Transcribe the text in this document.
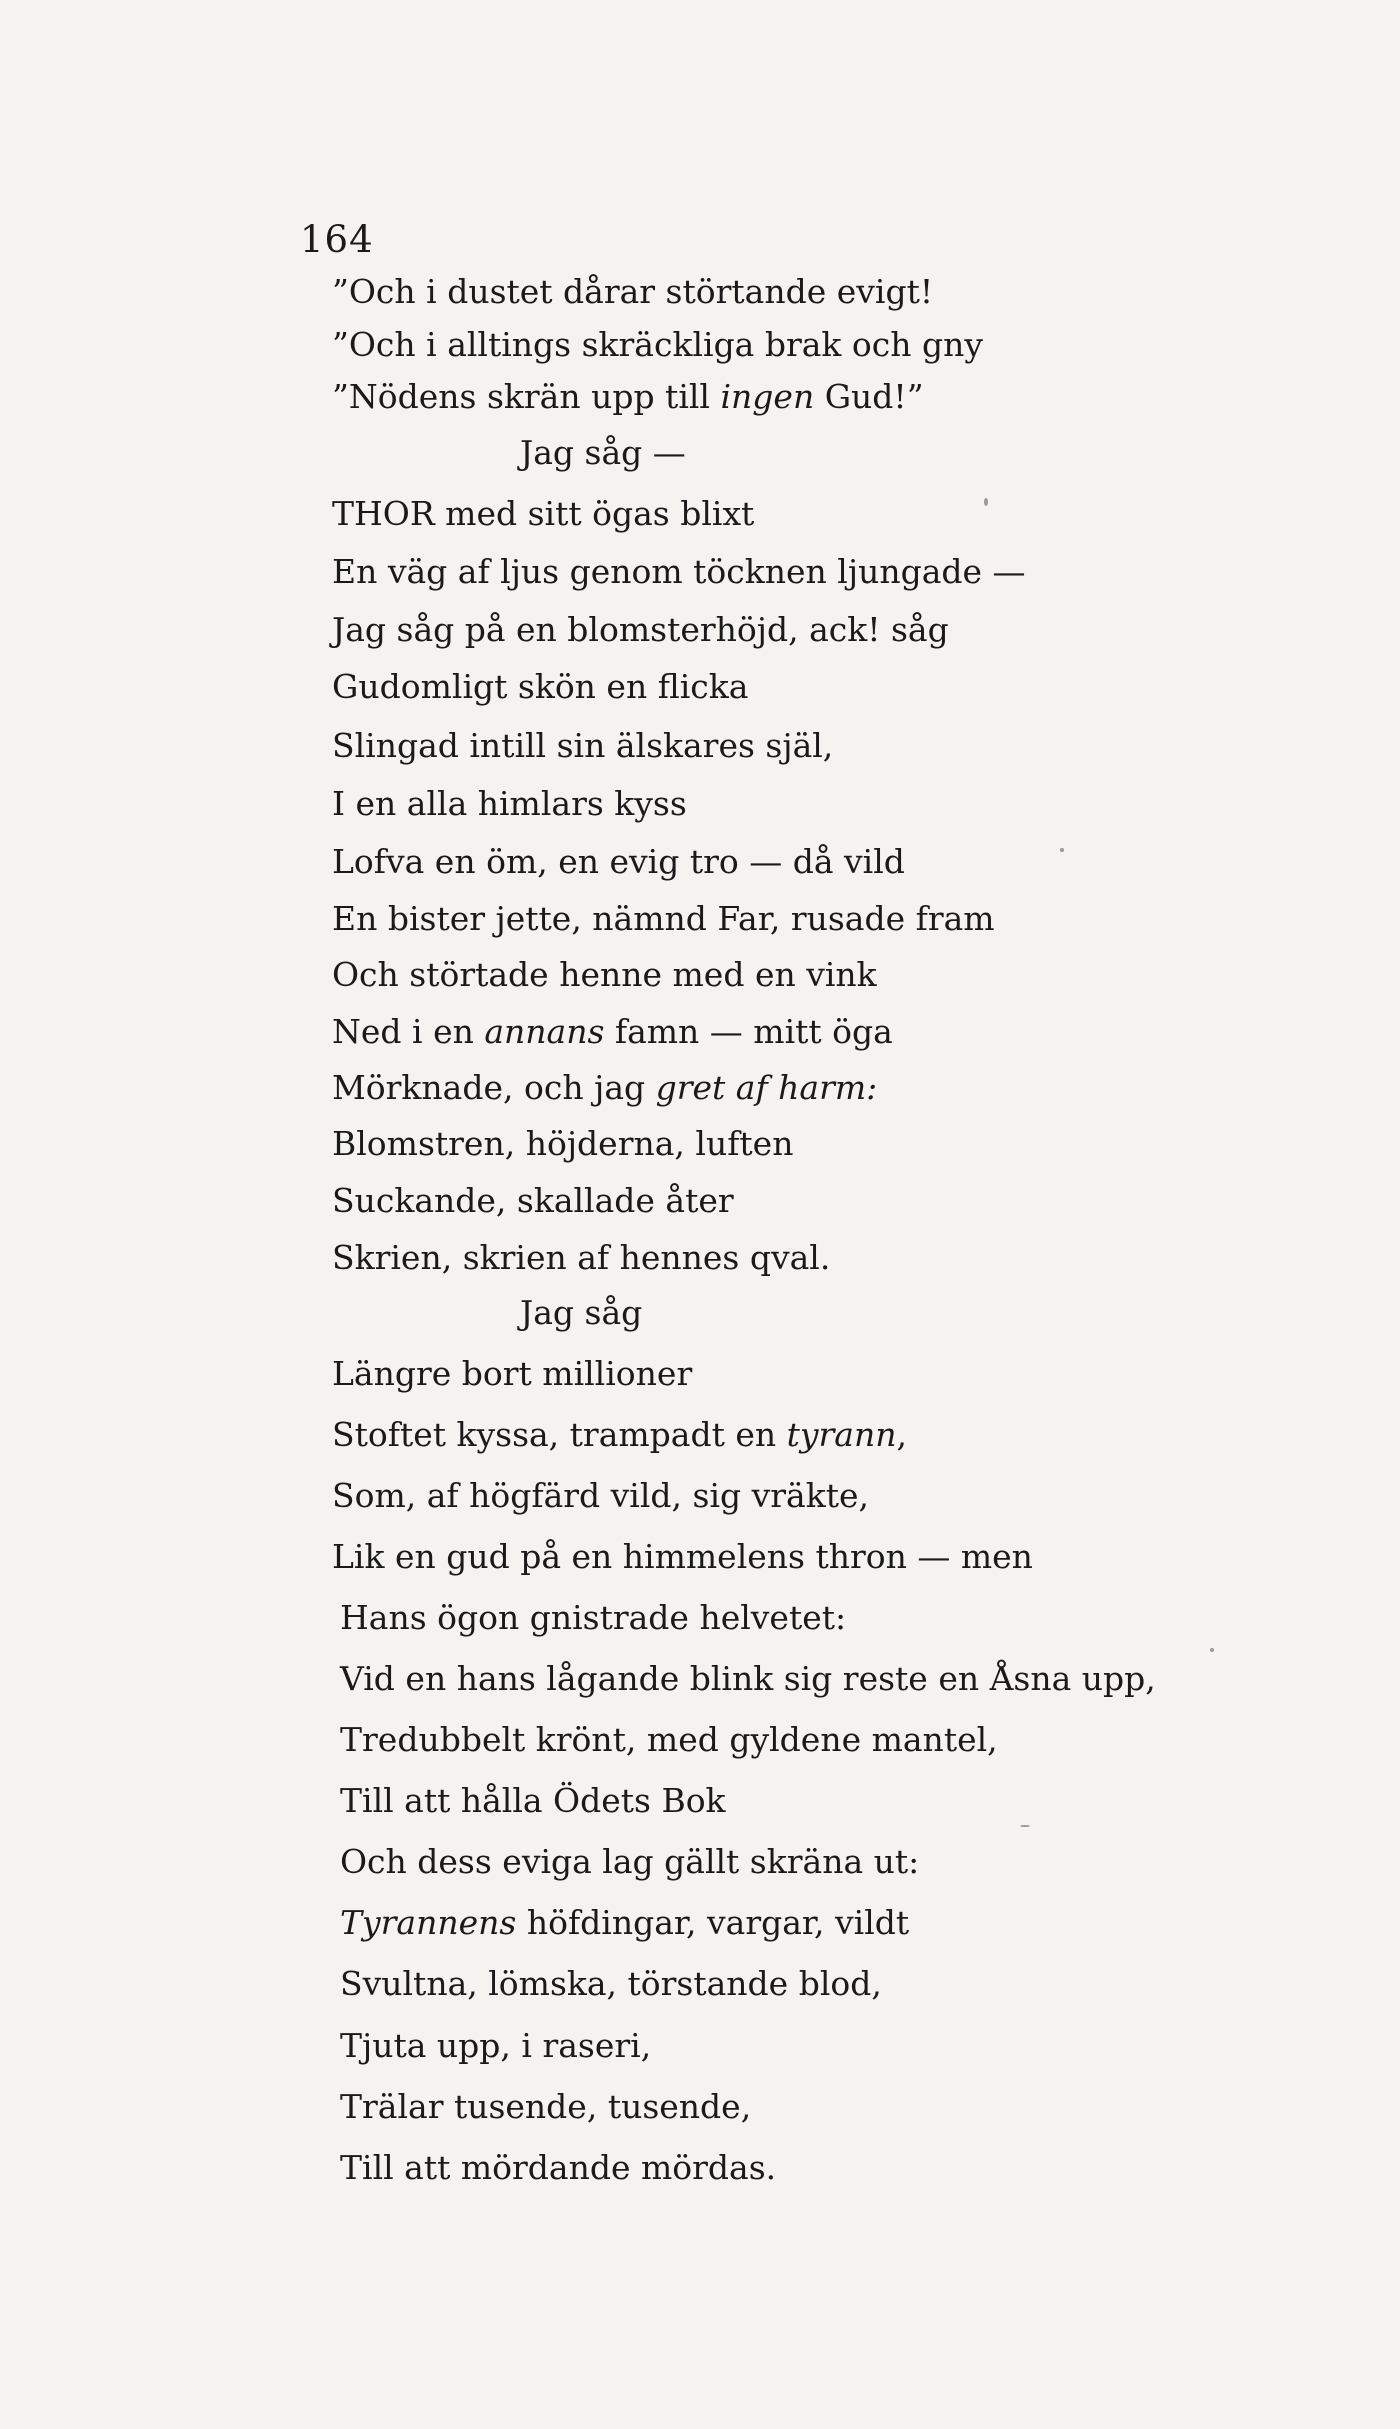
164
”Och i dustet dårar störtande evigt!
”Och i alltings skräckliga brak och gny
”Nödens skrän upp till ingen Gud!”
Jag såg —
THOR med sitt ögas blixt
En väg af ljus genom töcknen ljungade —
Jag såg på en blomsterhöjd, ack! såg
Gudomligt skön en flicka
Slingad intill sin älskares själ,
I en alla himlars kyss
Lofva en öm, en evig tro — då vild
En bister jette, nämnd Far, rusade fram
Och störtade henne med en vink
Ned i en annans famn — mitt öga
Mörknade, och jag gret af harm:
Blomstren, höjderna, luften
Suckande, skallade åter
Skrien, skrien af hennes qval.
Jag såg
Längre bort millioner
Stoftet kyssa, trampadt en tyrann,
Som, af högfärd vild, sig vräkte,
Lik en gud på en himmelens thron — men
Hans ögon gnistrade helvetet:
Vid en hans lågande blink sig reste en Åsna upp,
Tredubbelt krönt, med gyldene mantel,
Till att hålla Ödets Bok
Och dess eviga lag gällt skräna ut:
Tyrannens höfdingar, vargar, vildt
Svultna, lömska, törstande blod,
Tjuta upp, i raseri,
Trälar tusende, tusende,
Till att mördande mördas.
